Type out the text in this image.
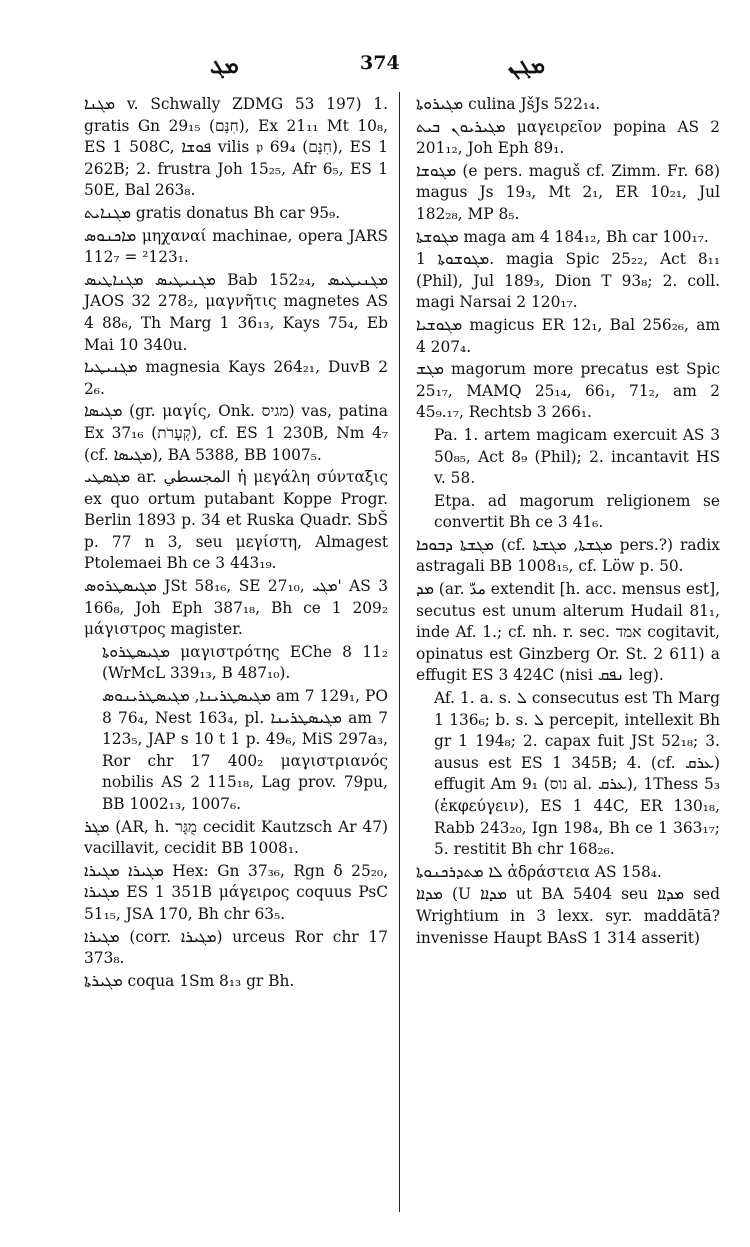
ܡܓ	374	ܡܓܢ

ܡܓܢܐ v. Schwally ZDMG 53 197) 1. gratis Gn 29₁₅ (חִנָּם), Ex 21₁₁ Mt 10₈, ES 1 508C, ܦܘܫܐ vilis 𝔭 69₄ (חִנָּם), ES 1 262B; 2. frustra Joh 15₂₅, Afr 6₅, ES 1 50E, Bal 263₈.

ܡܓܢܐܝܬ gratis donatus Bh car 95₉.

ܡܐܟܢܘܣ μηχαναί machinae, opera JARS 112₇ = ²123₁.

ܡܓܢܝܛܝܣ ܡܓܢܐܛܝܣ Bab 152₂₄, ܡܓܢܝܛܝܣ JAOS 32 278₂, μαγνῆτις magnetes AS 4 88₆, Th Marg 1 36₁₃, Kays 75₄, Eb Mai 10 340u.

ܡܓܢܝܛܝܐ magnesia Kays 264₂₁, DuvB 2 2₆.

ܡܓܝܣܐ (gr. μαγίς, Onk. מגיס) vas, patina Ex 37₁₆ (קְעָרֹת), cf. ES 1 230B, Nm 4₇ (cf. ܡܓܝܣܐ), BA 5388, BB 1007₅.

ܡܓܣܛܝ ar. المجسطي ἡ μεγάλη σύνταξις ex quo ortum putabant Koppe Progr. Berlin 1893 p. 34 et Ruska Quadr. SbŠ p. 77 n 3, seu μεγίστη, Almagest Ptolemaei Bh ce 3 443₁₉.

ܡܓܝܣܛܪܘܣ JSt 58₁₆, SE 27₁₀, ܡܓܝ' AS 3 166₈, Joh Eph 387₁₈, Bh ce 1 209₂ μάγιστρος magister.

ܡܓܝܣܛܪܘܬܐ μαγιστρότης EChe 8 11₂ (WrMcL 339₁₃, B 487₁₀).

ܡܓܝܣܛܪܝܢܐ, ܡܓܝܣܛܪܝܢܘܣ am 7 129₁, PO 8 76₄, Nest 163₄, pl. ܡܓܝܣܛܪܝܢܐ am 7 123₅, JAP s 10 t 1 p. 49₆, MiS 297a₃, Ror chr 17 400₂ μαγιστριανός nobilis AS 2 115₁₈, Lag prov. 79pu, BB 1002₁₃, 1007₆.

ܡܓܪ (AR, h. מֻגָּר cecidit Kautzsch Ar 47) vacillavit, cecidit BB 1008₁.

ܡܓܝܪܐ ܡܓܝܪܐ Hex: Gn 37₃₆, Rgn δ 25₂₀, ܡܓܝܪܐ ES 1 351B μάγειρος coquus PsC 51₁₅, JSA 170, Bh chr 63₅.

ܡܓܝܪܐ (corr. ܡܓܝܪܐ) urceus Ror chr 17 373₈.

ܡܓܝܪܬܐ coqua 1Sm 8₁₃ gr Bh.

ܡܓܝܪܘܬܐ culina JšJs 522₁₄.

ܡܓܝܪܝܘܢ ܒܝܬ μαγειρεῖον popina AS 2 201₁₂, Joh Eph 89₁.

ܡܓܘܫܐ (e pers. maguš cf. Zimm. Fr. 68) magus Js 19₃, Mt 2₁, ER 10₂₁, Jul 182₂₈, MP 8₅.

ܡܓܘܫܬܐ maga am 4 184₁₂, Bh car 100₁₇.

ܡܓܘܫܘܬܐ 1. magia Spic 25₂₂, Act 8₁₁ (Phil), Jul 189₃, Dion T 93₈; 2. coll. magi Narsai 2 120₁₇.

ܡܓܘܫܝܐ magicus ER 12₁, Bal 256₂₆, am 4 207₄.

ܡܓܫ magorum more precatus est Spic 25₁₇, MAMQ 25₁₄, 66₁, 71₂, am 2 45₉.₁₇, Rechtsb 3 266₁.

Pa. 1. artem magicam exercuit AS 3 50₈₅, Act 8₉ (Phil); 2. incantavit HS v. 58.

Etpa. ad magorum religionem se convertit Bh ce 3 41₆.

ܡܓܫܬܐ ܕܒܘܟܐ (cf. ܡܓܫܬܐ, ܡܓܫܬܐ pers.?) radix astragali BB 1008₁₅, cf. Löw p. 50.

ܡܕ (ar. مدّ extendit [h. acc. mensus est], secutus est unum alterum Hudail 81₁, inde Af. 1.; cf. nh. r. sec. אמד cogitavit, opinatus est Ginzberg Or. St. 2 611) a effugit ES 3 424C (nisi ܢܦܩ leg).

Af. 1. a. s. ܠ consecutus est Th Marg 1 136₆; b. s. ܠ percepit, intellexit Bh gr 1 194₈; 2. capax fuit JSt 52₁₈; 3. ausus est ES 1 345B; 4. (cf. ܥܪܩ) effugit Am 9₁ (נוס al. ܥܪܩ), 1Thess 5₃ (ἐκφεύγειν), ES 1 44C, ER 130₁₈, Rabb 243₂₀, Ign 198₄, Bh ce 1 363₁₇; 5. restitit Bh chr 168₂₆.

ܠܐ ܡܬܕܪܟܢܘܬܐ ἀδράστεια AS 158₄.

ܡܕܐܐ (U ܡܕܐܐ ut BA 5404 seu ܡܕܐܐ sed Wrightium in 3 lexx. syr. maddātā? invenisse Haupt BAsS 1 314 asserit)
